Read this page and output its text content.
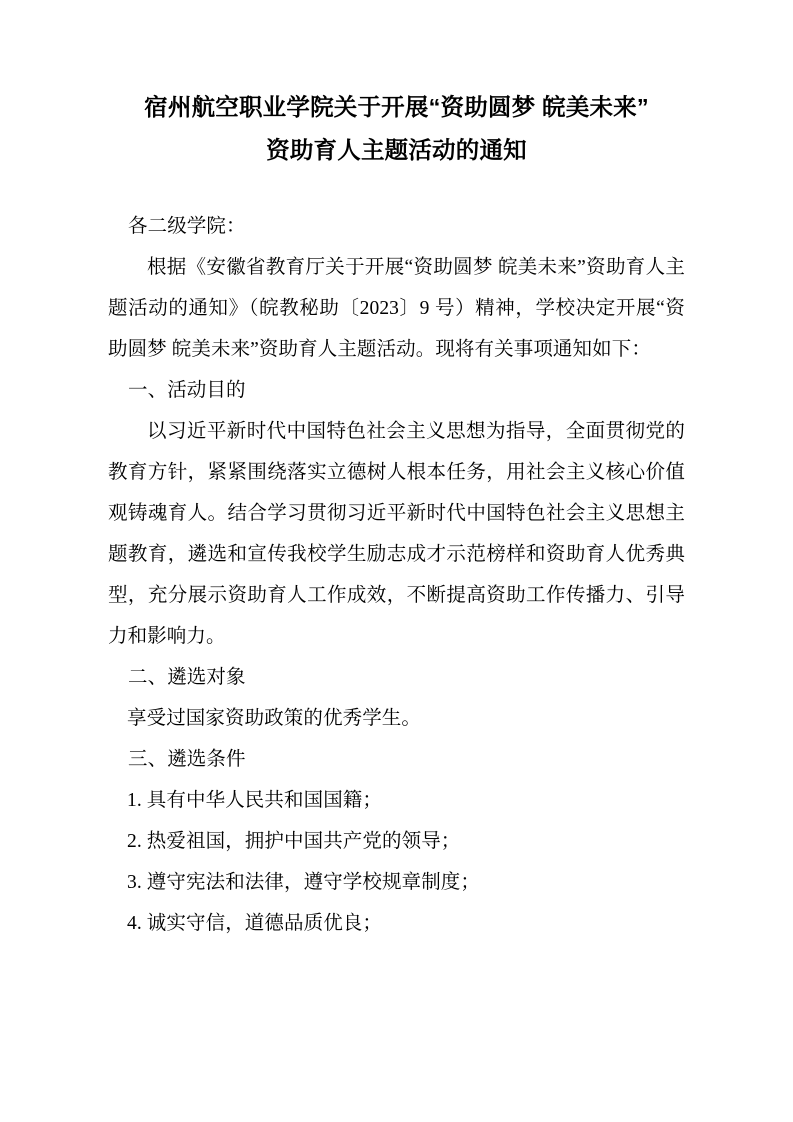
宿州航空职业学院关于开展“资助圆梦 皖美未来”
资助育人主题活动的通知

各二级学院：

根据《安徽省教育厅关于开展“资助圆梦 皖美未来”资助育人主题活动的通知》（皖教秘助〔2023〕9 号）精神，学校决定开展“资助圆梦 皖美未来”资助育人主题活动。现将有关事项通知如下：

一、活动目的

以习近平新时代中国特色社会主义思想为指导，全面贯彻党的教育方针，紧紧围绕落实立德树人根本任务，用社会主义核心价值观铸魂育人。结合学习贯彻习近平新时代中国特色社会主义思想主题教育，遴选和宣传我校学生励志成才示范榜样和资助育人优秀典型，充分展示资助育人工作成效，不断提高资助工作传播力、引导力和影响力。

二、遴选对象

享受过国家资助政策的优秀学生。

三、遴选条件

1. 具有中华人民共和国国籍；

2. 热爱祖国，拥护中国共产党的领导；

3. 遵守宪法和法律，遵守学校规章制度；

4. 诚实守信，道德品质优良；
